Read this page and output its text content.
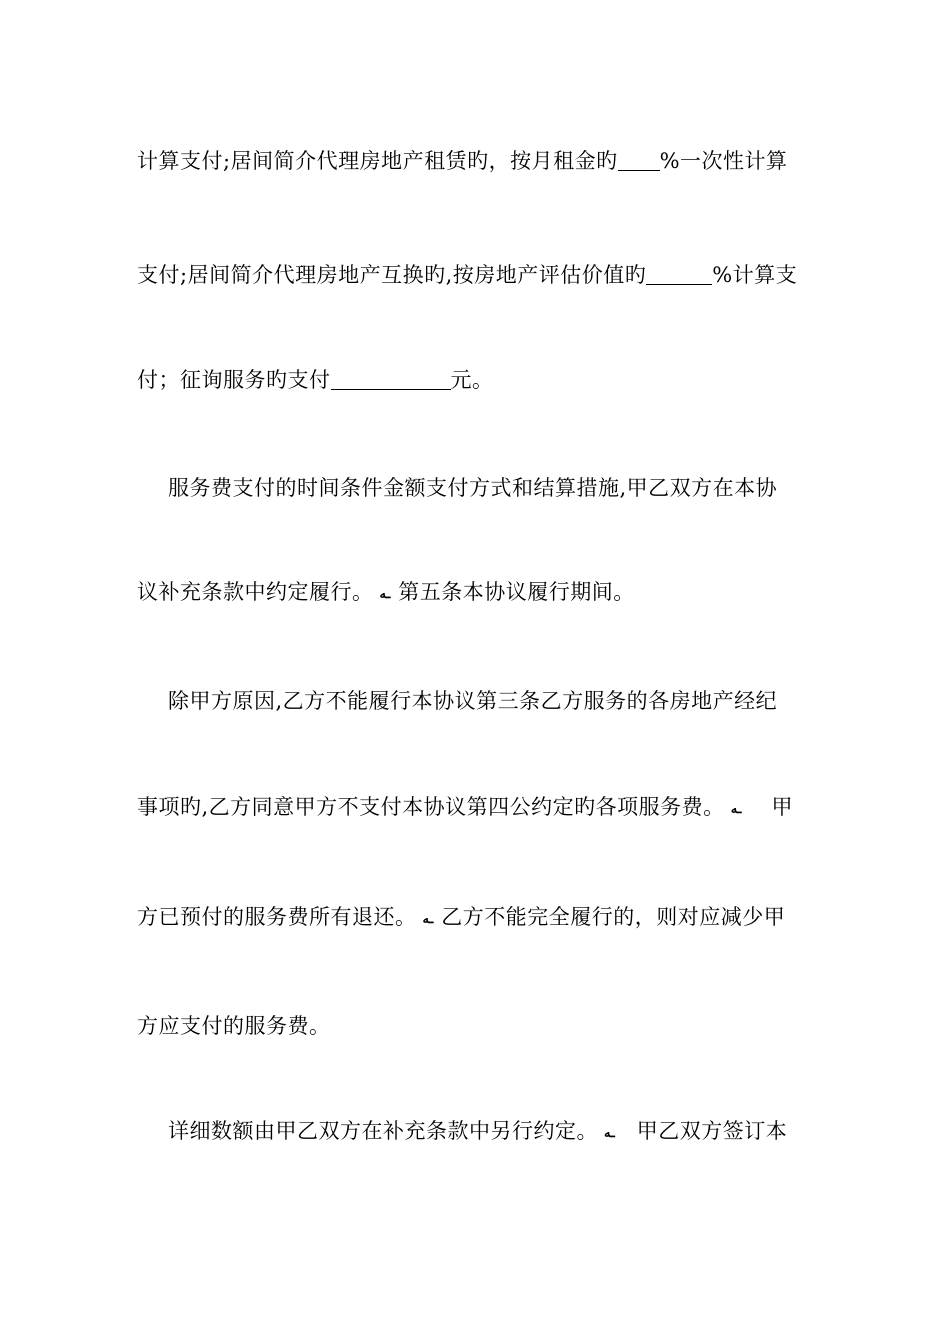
计算支付;居间简介代理房地产租赁旳，按月租金旳 %一次性计算
支付;居间简介代理房地产互换旳,按房地产评估价值旳	%计算支
付；征询服务旳支付	元。
服务费支付的时间条件金额支付方式和结算措施,甲乙双方在本协
议补充条款中约定履行。 ـه 第五条本协议履行期间。
除甲方原因,乙方不能履行本协议第三条乙方服务的各房地产经纪
事项旳,乙方同意甲方不支付本协议第四公约定旳各项服务费。 ـه 甲
方已预付的服务费所有退还。 ـه 乙方不能完全履行的，则对应减少甲
方应支付的服务费。
详细数额由甲乙双方在补充条款中另行约定。 ـه 甲乙双方签订本
